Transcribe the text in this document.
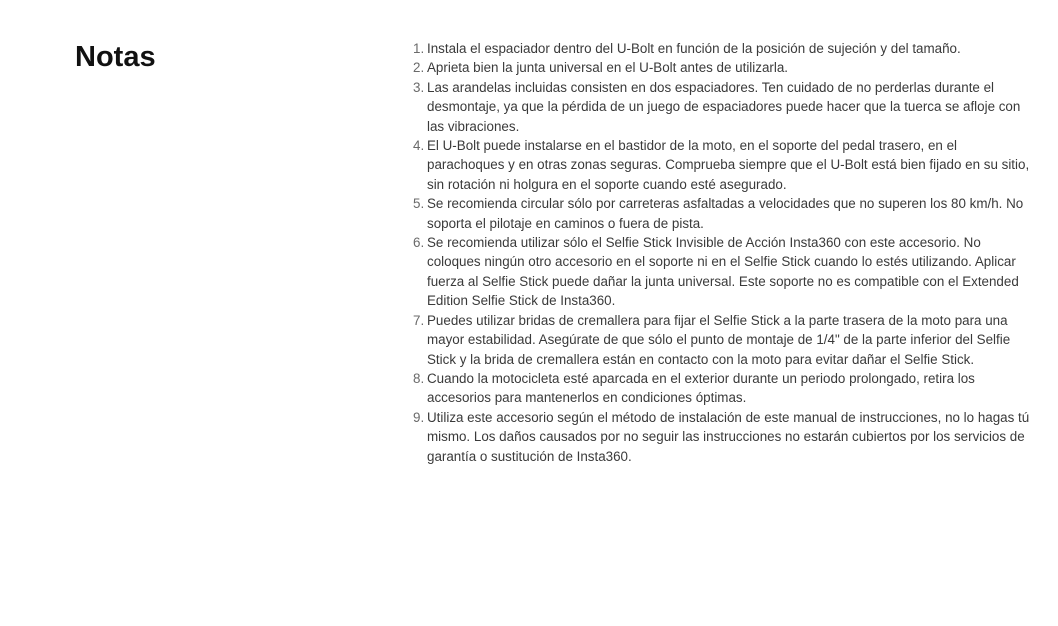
Notas	1. Instala el espaciador dentro del U-Bolt en función de la posición de sujeción y del tamaño.
2. Aprieta bien la junta universal en el U-Bolt antes de utilizarla.
3. Las arandelas incluidas consisten en dos espaciadores. Ten cuidado de no perderlas durante el desmontaje, ya que la pérdida de un juego de espaciadores puede hacer que la tuerca se afloje con las vibraciones.
4. El U-Bolt puede instalarse en el bastidor de la moto, en el soporte del pedal trasero, en el parachoques y en otras zonas seguras. Comprueba siempre que el U-Bolt está bien fijado en su sitio, sin rotación ni holgura en el soporte cuando esté asegurado.
5. Se recomienda circular sólo por carreteras asfaltadas a velocidades que no superen los 80 km/h. No soporta el pilotaje en caminos o fuera de pista.
6. Se recomienda utilizar sólo el Selfie Stick Invisible de Acción Insta360 con este accesorio. No coloques ningún otro accesorio en el soporte ni en el Selfie Stick cuando lo estés utilizando. Aplicar fuerza al Selfie Stick puede dañar la junta universal. Este soporte no es compatible con el Extended Edition Selfie Stick de Insta360.
7. Puedes utilizar bridas de cremallera para fijar el Selfie Stick a la parte trasera de la moto para una mayor estabilidad. Asegúrate de que sólo el punto de montaje de 1/4" de la parte inferior del Selfie Stick y la brida de cremallera están en contacto con la moto para evitar dañar el Selfie Stick.
8. Cuando la motocicleta esté aparcada en el exterior durante un periodo prolongado, retira los accesorios para mantenerlos en condiciones óptimas.
9. Utiliza este accesorio según el método de instalación de este manual de instrucciones, no lo hagas tú mismo. Los daños causados por no seguir las instrucciones no estarán cubiertos por los servicios de garantía o sustitución de Insta360.
